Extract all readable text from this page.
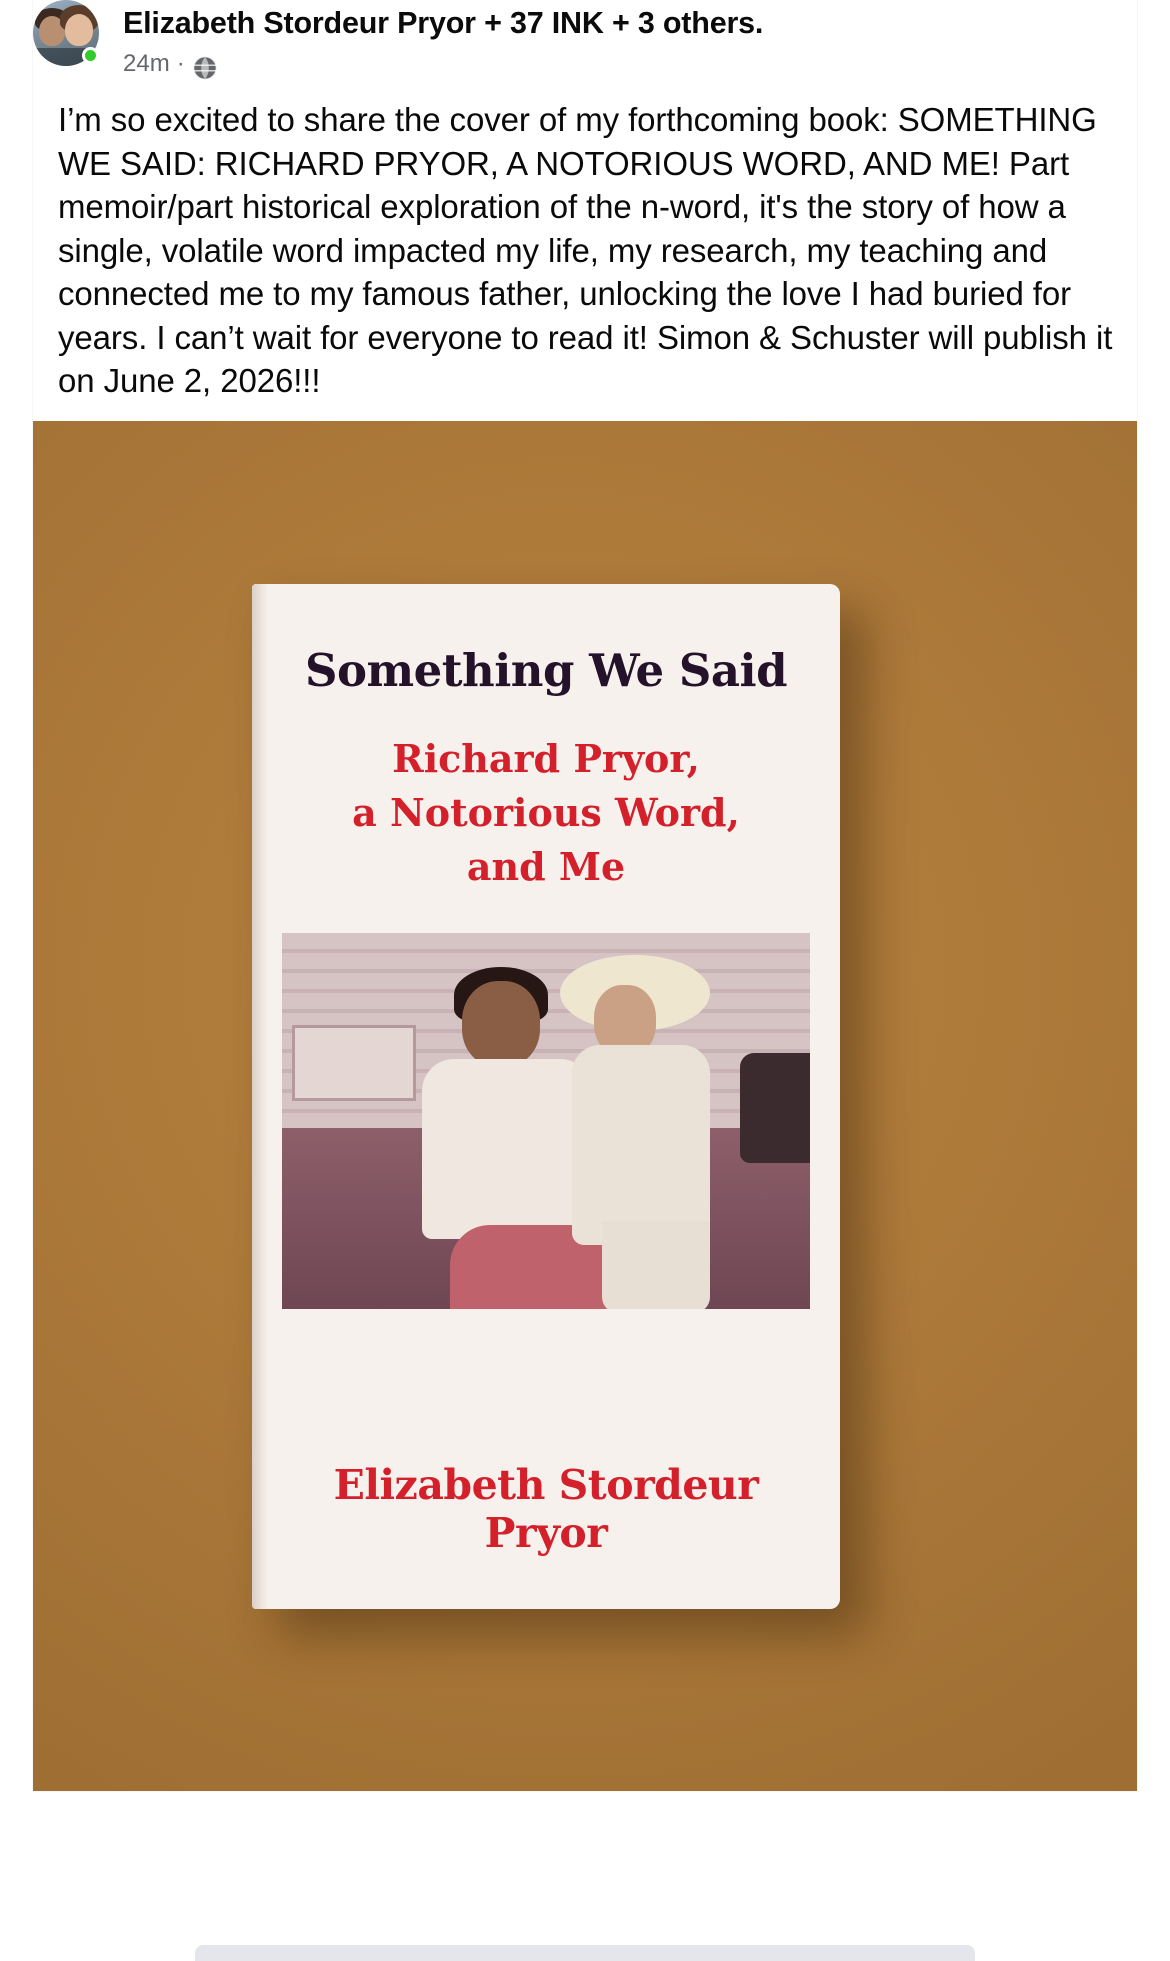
Elizabeth Stordeur Pryor + 37 INK + 3 others.
24m ·
I’m so excited to share the cover of my forthcoming book: SOMETHING WE SAID: RICHARD PRYOR, A NOTORIOUS WORD, AND ME! Part memoir/part historical exploration of the n-word, it's the story of how a single, volatile word impacted my life, my research, my teaching and connected me to my famous father, unlocking the love I had buried for years. I can’t wait for everyone to read it! Simon & Schuster will publish it on June 2, 2026!!!
Something We Said
Richard Pryor,
a Notorious Word,
and Me
Elizabeth Stordeur Pryor
